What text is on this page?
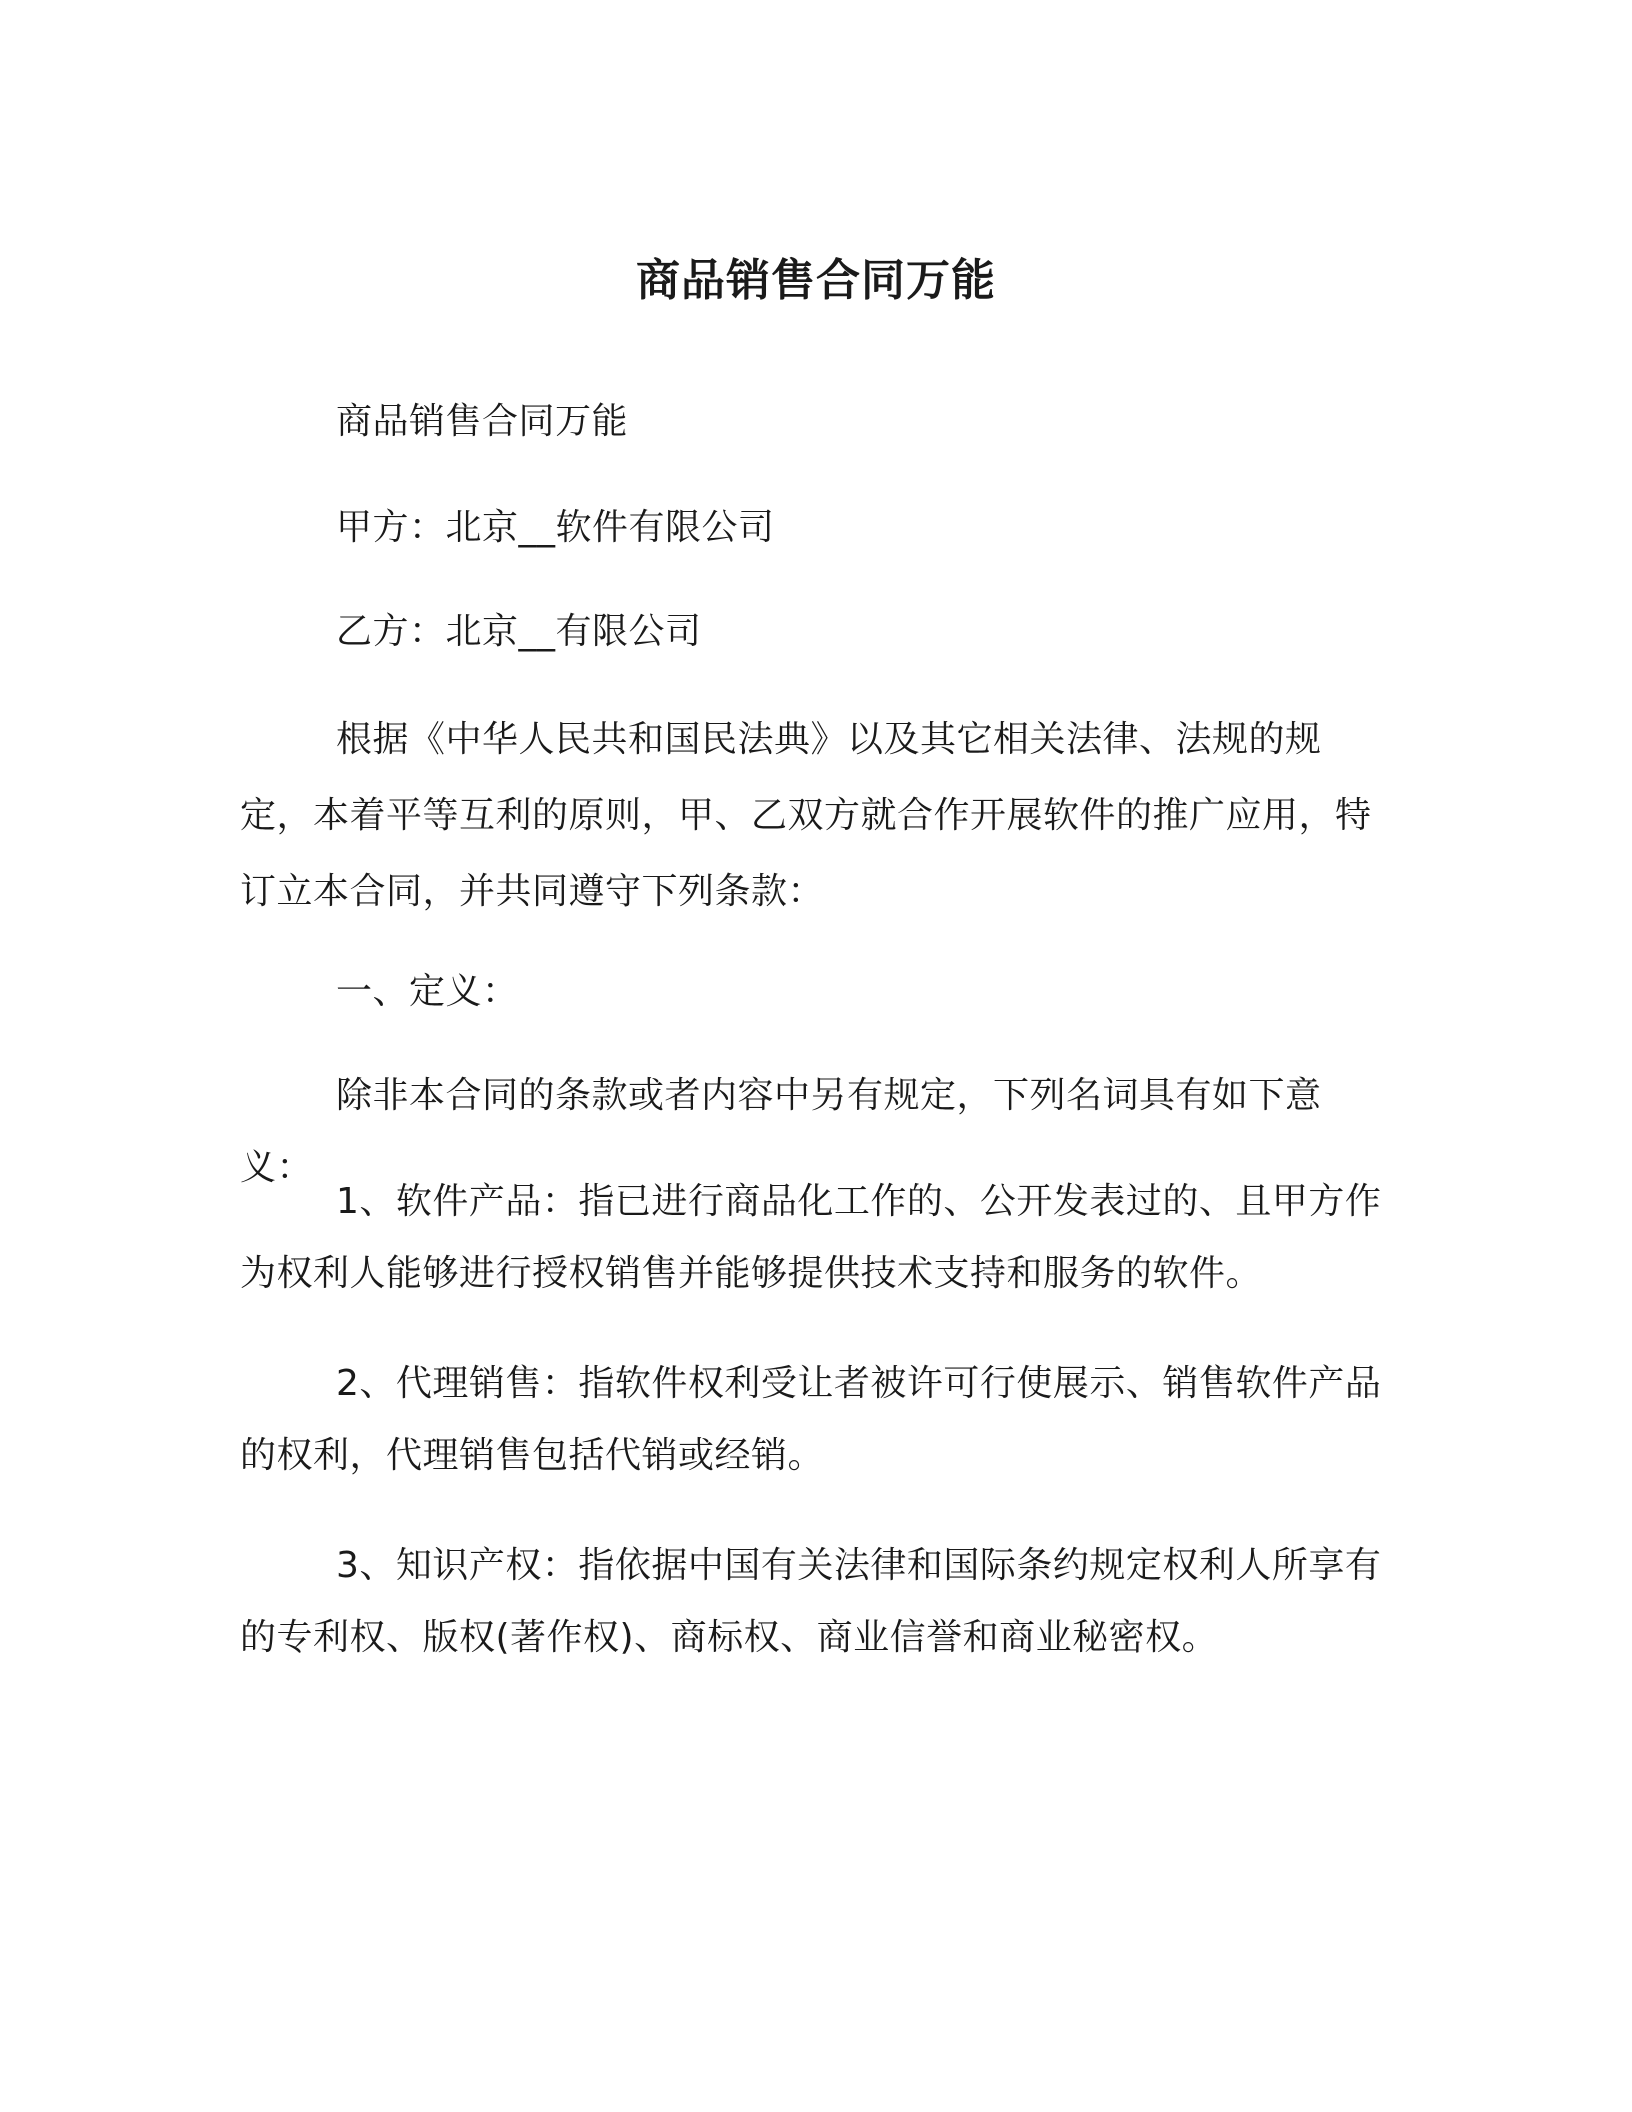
商品销售合同万能

商品销售合同万能

甲方：北京__软件有限公司

乙方：北京__有限公司

根据《中华人民共和国民法典》以及其它相关法律、法规的规定，本着平等互利的原则，甲、乙双方就合作开展软件的推广应用，特订立本合同，并共同遵守下列条款：

一、定义：

除非本合同的条款或者内容中另有规定，下列名词具有如下意义：

1、软件产品：指已进行商品化工作的、公开发表过的、且甲方作为权利人能够进行授权销售并能够提供技术支持和服务的软件。

2、代理销售：指软件权利受让者被许可行使展示、销售软件产品的权利，代理销售包括代销或经销。

3、知识产权：指依据中国有关法律和国际条约规定权利人所享有的专利权、版权(著作权)、商标权、商业信誉和商业秘密权。
